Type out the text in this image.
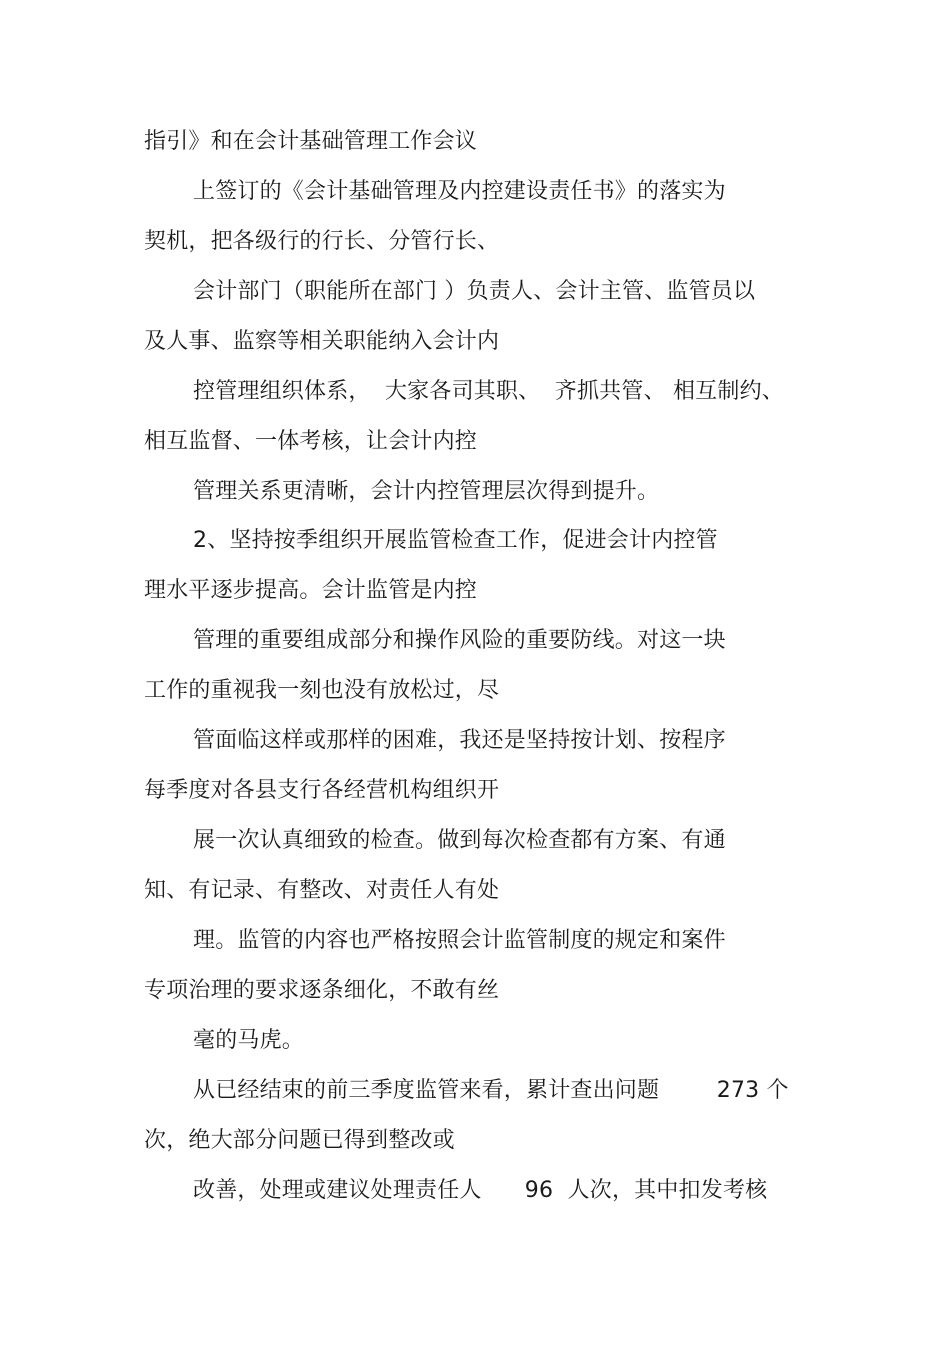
指引》和在会计基础管理工作会议
上签订的《会计基础管理及内控建设责任书》的落实为
契机，把各级行的行长、分管行长、
会计部门（职能所在部门 ）负责人、会计主管、监管员以
及人事、监察等相关职能纳入会计内
控管理组织体系，  大家各司其职、  齐抓共管、 相互制约、
相互监督、一体考核，让会计内控
管理关系更清晰，会计内控管理层次得到提升。
2、坚持按季组织开展监管检查工作，促进会计内控管
理水平逐步提高。会计监管是内控
管理的重要组成部分和操作风险的重要防线。对这一块
工作的重视我一刻也没有放松过，尽
管面临这样或那样的困难，我还是坚持按计划、按程序
每季度对各县支行各经营机构组织开
展一次认真细致的检查。做到每次检查都有方案、有通
知、有记录、有整改、对责任人有处
理。监管的内容也严格按照会计监管制度的规定和案件
专项治理的要求逐条细化，不敢有丝
毫的马虎。
从已经结束的前三季度监管来看，累计查出问题        273 个
次，绝大部分问题已得到整改或
改善，处理或建议处理责任人      96  人次，其中扣发考核
